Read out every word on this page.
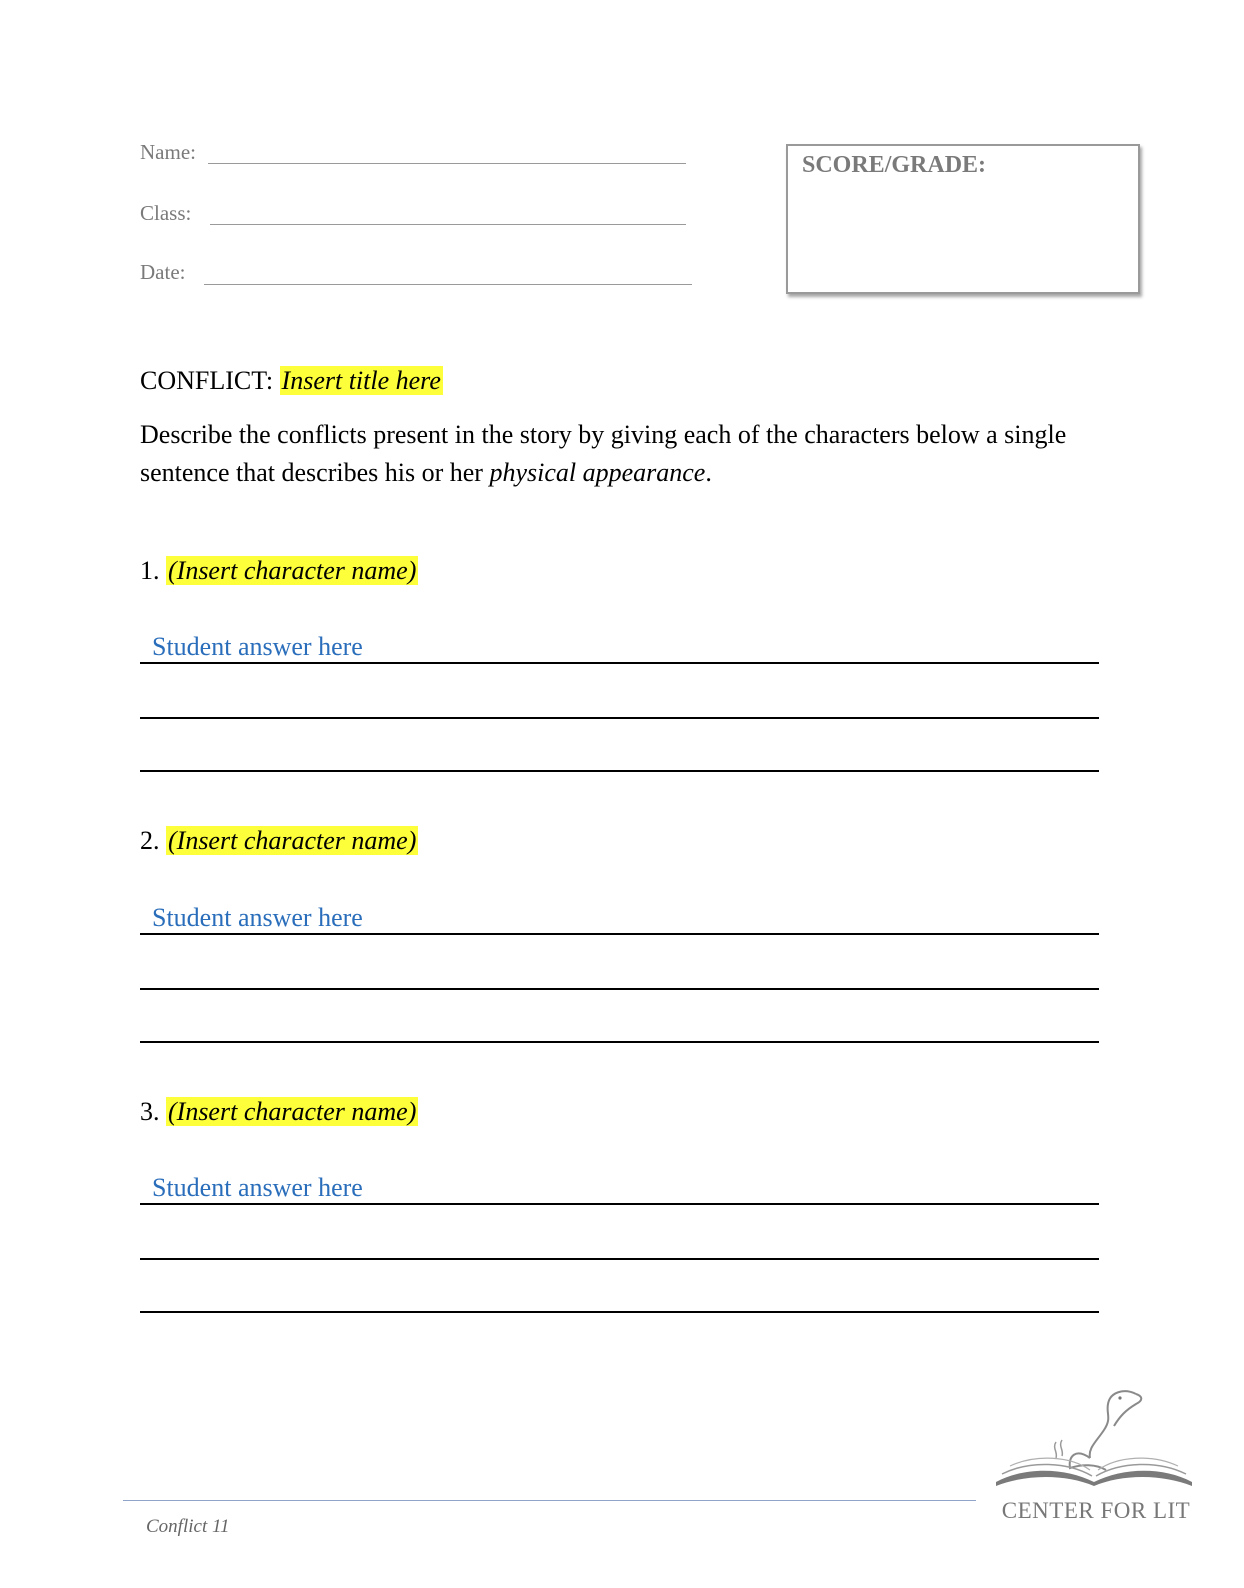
Name:
Class:
Date:
SCORE/GRADE:
CONFLICT: Insert title here
Describe the conflicts present in the story by giving each of the characters below a single sentence that describes his or her physical appearance.
1. (Insert character name)
Student answer here
2. (Insert character name)
Student answer here
3. (Insert character name)
Student answer here
Conflict 11
CENTER FOR LIT
